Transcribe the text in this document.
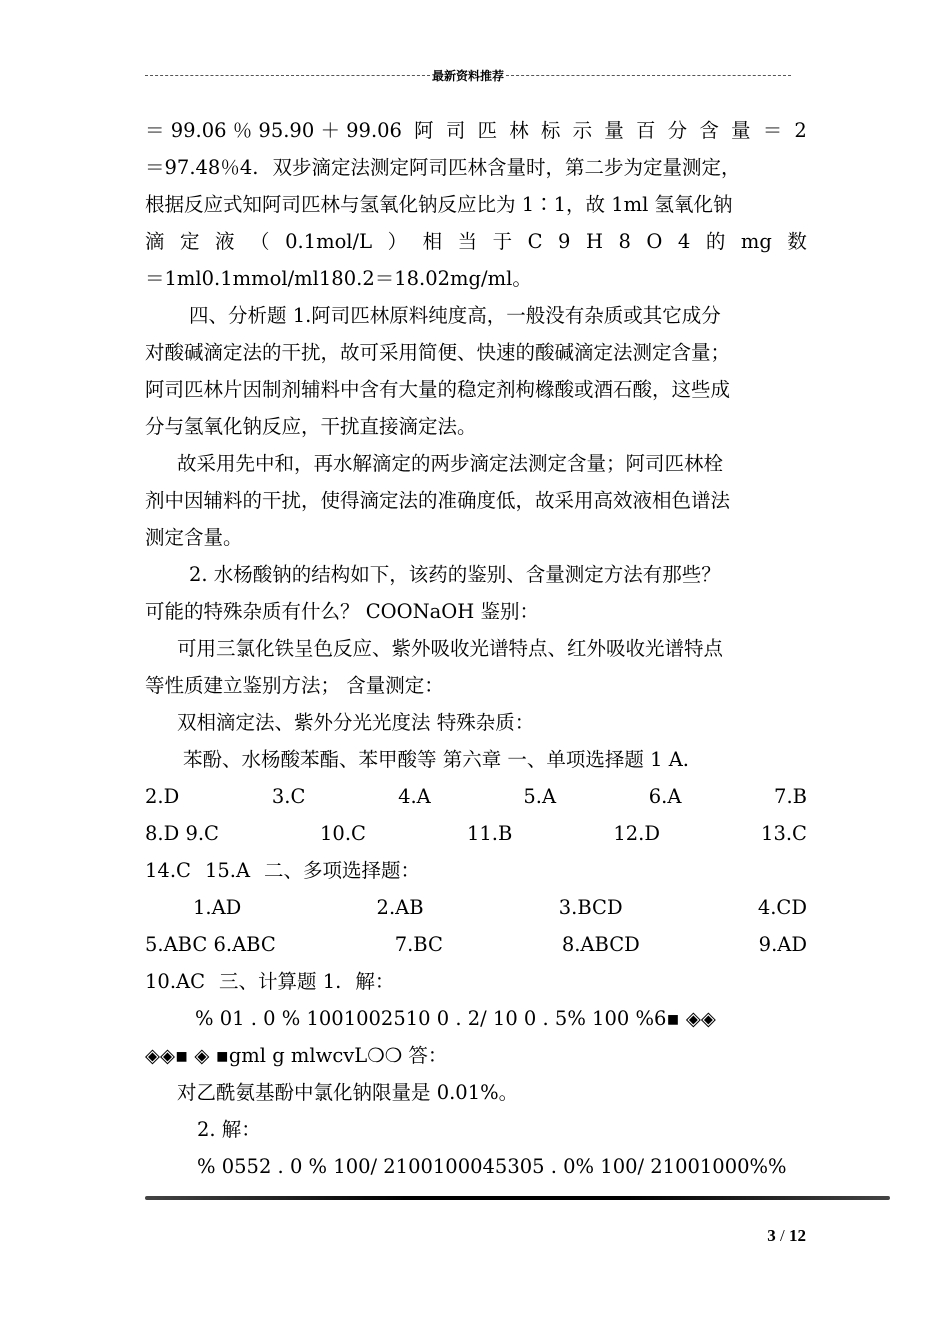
最新资料推荐
＝ 99.06 ％ 95.90 ＋ 99.06 阿 司 匹 林 标 示 量 百 分 含 量 ＝ 2
＝97.48％4. 双步滴定法测定阿司匹林含量时，第二步为定量测定，
根据反应式知阿司匹林与氢氧化钠反应比为 1∶1，故 1ml 氢氧化钠
滴 定 液 （ 0.1mol/L ） 相 当 于 C 9 H 8 O 4 的 mg 数
＝1ml0.1mmol/ml180.2＝18.02mg/ml。
四、分析题 1.阿司匹林原料纯度高，一般没有杂质或其它成分
对酸碱滴定法的干扰，故可采用简便、快速的酸碱滴定法测定含量；
阿司匹林片因制剂辅料中含有大量的稳定剂枸橼酸或酒石酸，这些成
分与氢氧化钠反应，干扰直接滴定法。
故采用先中和，再水解滴定的两步滴定法测定含量；阿司匹林栓
剂中因辅料的干扰，使得滴定法的准确度低，故采用高效液相色谱法
测定含量。
2. 水杨酸钠的结构如下，该药的鉴别、含量测定方法有那些？
可能的特殊杂质有什么？ COONaOH 鉴别：
可用三氯化铁呈色反应、紫外吸收光谱特点、红外吸收光谱特点
等性质建立鉴别方法； 含量测定：
双相滴定法、紫外分光光度法 特殊杂质：
苯酚、水杨酸苯酯、苯甲酸等 第六章 一、单项选择题 1 A.
2.D	3.C	4.A	5.A	6.A	7.B
8.D 9.C	10.C	11.B	12.D	13.C
14.C 15.A 二、多项选择题：
1.AD	2.AB	3.BCD	4.CD
5.ABC 6.ABC	7.BC	8.ABCD	9.AD
10.AC 三、计算题 1. 解：
% 01 . 0 % 1001002510 0 . 2/ 10 0 . 5% 100 %6▪ ◈◈
◈◈▪ ◈ ▪gml g mlwcvL❍❍ 答：
对乙酰氨基酚中氯化钠限量是 0.01%。
2. 解：
% 0552 . 0 % 100/ 2100100045305 . 0% 100/ 21001000%%
3 / 12
